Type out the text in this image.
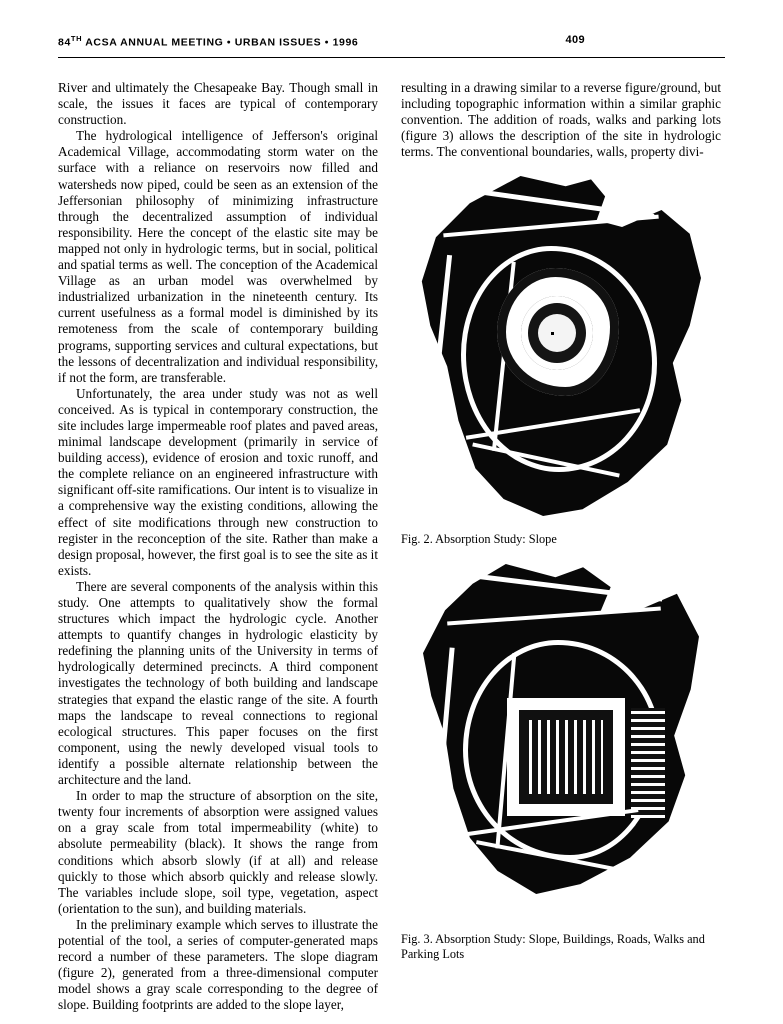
84TH ACSA ANNUAL MEETING • URBAN ISSUES • 1996	409

River and ultimately the Chesapeake Bay. Though small in scale, the issues it faces are typical of contemporary construction.

The hydrological intelligence of Jefferson's original Academical Village, accommodating storm water on the surface with a reliance on reservoirs now filled and watersheds now piped, could be seen as an extension of the Jeffersonian philosophy of minimizing infrastructure through the decentralized assumption of individual responsibility. Here the concept of the elastic site may be mapped not only in hydrologic terms, but in social, political and spatial terms as well. The conception of the Academical Village as an urban model was overwhelmed by industrialized urbanization in the nineteenth century. Its current usefulness as a formal model is diminished by its remoteness from the scale of contemporary building programs, supporting services and cultural expectations, but the lessons of decentralization and individual responsibility, if not the form, are transferable.

Unfortunately, the area under study was not as well conceived. As is typical in contemporary construction, the site includes large impermeable roof plates and paved areas, minimal landscape development (primarily in service of building access), evidence of erosion and toxic runoff, and the complete reliance on an engineered infrastructure with significant off-site ramifications. Our intent is to visualize in a comprehensive way the existing conditions, allowing the effect of site modifications through new construction to register in the reconception of the site. Rather than make a design proposal, however, the first goal is to see the site as it exists.

There are several components of the analysis within this study. One attempts to qualitatively show the formal structures which impact the hydrologic cycle. Another attempts to quantify changes in hydrologic elasticity by redefining the planning units of the University in terms of hydrologically determined precincts. A third component investigates the technology of both building and landscape strategies that expand the elastic range of the site. A fourth maps the landscape to reveal connections to regional ecological structures. This paper focuses on the first component, using the newly developed visual tools to identify a possible alternate relationship between the architecture and the land.

In order to map the structure of absorption on the site, twenty four increments of absorption were assigned values on a gray scale from total impermeability (white) to absolute permeability (black). It shows the range from conditions which absorb slowly (if at all) and release quickly to those which absorb quickly and release slowly. The variables include slope, soil type, vegetation, aspect (orientation to the sun), and building materials.

In the preliminary example which serves to illustrate the potential of the tool, a series of computer-generated maps record a number of these parameters. The slope diagram (figure 2), generated from a three-dimensional computer model shows a gray scale corresponding to the degree of slope. Building footprints are added to the slope layer,

resulting in a drawing similar to a reverse figure/ground, but including topographic information within a similar graphic convention. The addition of roads, walks and parking lots (figure 3) allows the description of the site in hydrologic terms. The conventional boundaries, walls, property divi-

Fig. 2. Absorption Study: Slope
Fig. 3. Absorption Study: Slope, Buildings, Roads, Walks and Parking Lots
